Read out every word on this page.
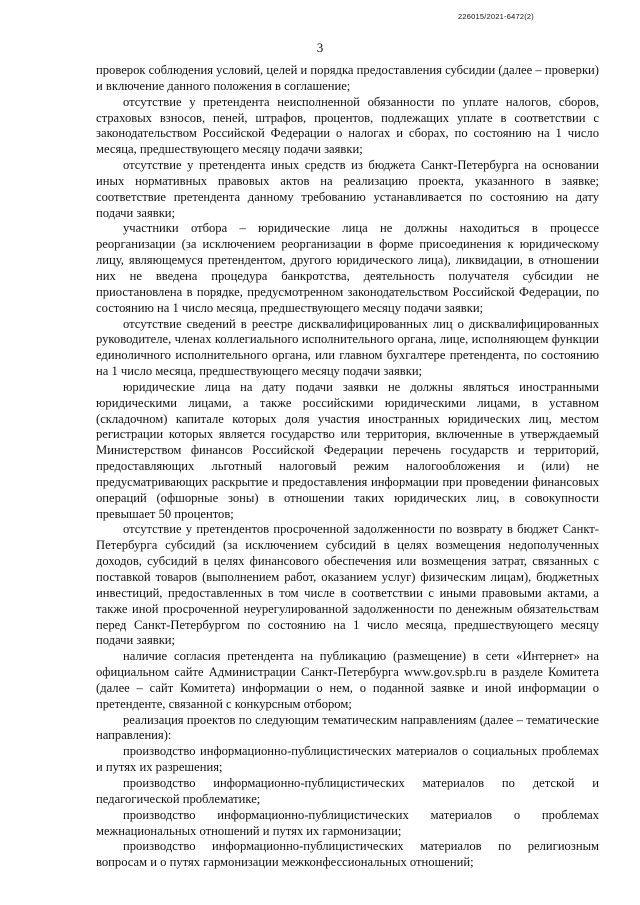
226015/2021-6472(2)
3

проверок соблюдения условий, целей и порядка предоставления субсидии (далее – проверки) и включение данного положения в соглашение;

отсутствие у претендента неисполненной обязанности по уплате налогов, сборов, страховых взносов, пеней, штрафов, процентов, подлежащих уплате в соответствии с законодательством Российской Федерации о налогах и сборах, по состоянию на 1 число месяца, предшествующего месяцу подачи заявки;

отсутствие у претендента иных средств из бюджета Санкт-Петербурга на основании иных нормативных правовых актов на реализацию проекта, указанного в заявке; соответствие претендента данному требованию устанавливается по состоянию на дату подачи заявки;

участники отбора – юридические лица не должны находиться в процессе реорганизации (за исключением реорганизации в форме присоединения к юридическому лицу, являющемуся претендентом, другого юридического лица), ликвидации, в отношении них не введена процедура банкротства, деятельность получателя субсидии не приостановлена в порядке, предусмотренном законодательством Российской Федерации, по состоянию на 1 число месяца, предшествующего месяцу подачи заявки;

отсутствие сведений в реестре дисквалифицированных лиц о дисквалифицированных руководителе, членах коллегиального исполнительного органа, лице, исполняющем функции единоличного исполнительного органа, или главном бухгалтере претендента, по состоянию на 1 число месяца, предшествующего месяцу подачи заявки;

юридические лица на дату подачи заявки не должны являться иностранными юридическими лицами, а также российскими юридическими лицами, в уставном (складочном) капитале которых доля участия иностранных юридических лиц, местом регистрации которых является государство или территория, включенные в утверждаемый Министерством финансов Российской Федерации перечень государств и территорий, предоставляющих льготный налоговый режим налогообложения и (или) не предусматривающих раскрытие и предоставления информации при проведении финансовых операций (офшорные зоны) в отношении таких юридических лиц, в совокупности превышает 50 процентов;

отсутствие у претендентов просроченной задолженности по возврату в бюджет Санкт-Петербурга субсидий (за исключением субсидий в целях возмещения недополученных доходов, субсидий в целях финансового обеспечения или возмещения затрат, связанных с поставкой товаров (выполнением работ, оказанием услуг) физическим лицам), бюджетных инвестиций, предоставленных в том числе в соответствии с иными правовыми актами, а также иной просроченной неурегулированной задолженности по денежным обязательствам перед Санкт-Петербургом по состоянию на 1 число месяца, предшествующего месяцу подачи заявки;

наличие согласия претендента на публикацию (размещение) в сети «Интернет» на официальном сайте Администрации Санкт-Петербурга www.gov.spb.ru в разделе Комитета (далее – сайт Комитета) информации о нем, о поданной заявке и иной информации о претенденте, связанной с конкурсным отбором;

реализация проектов по следующим тематическим направлениям (далее – тематические направления):

производство информационно-публицистических материалов о социальных проблемах и путях их разрешения;

производство информационно-публицистических материалов по детской и педагогической проблематике;

производство информационно-публицистических материалов о проблемах межнациональных отношений и путях их гармонизации;

производство информационно-публицистических материалов по религиозным вопросам и о путях гармонизации межконфессиональных отношений;
